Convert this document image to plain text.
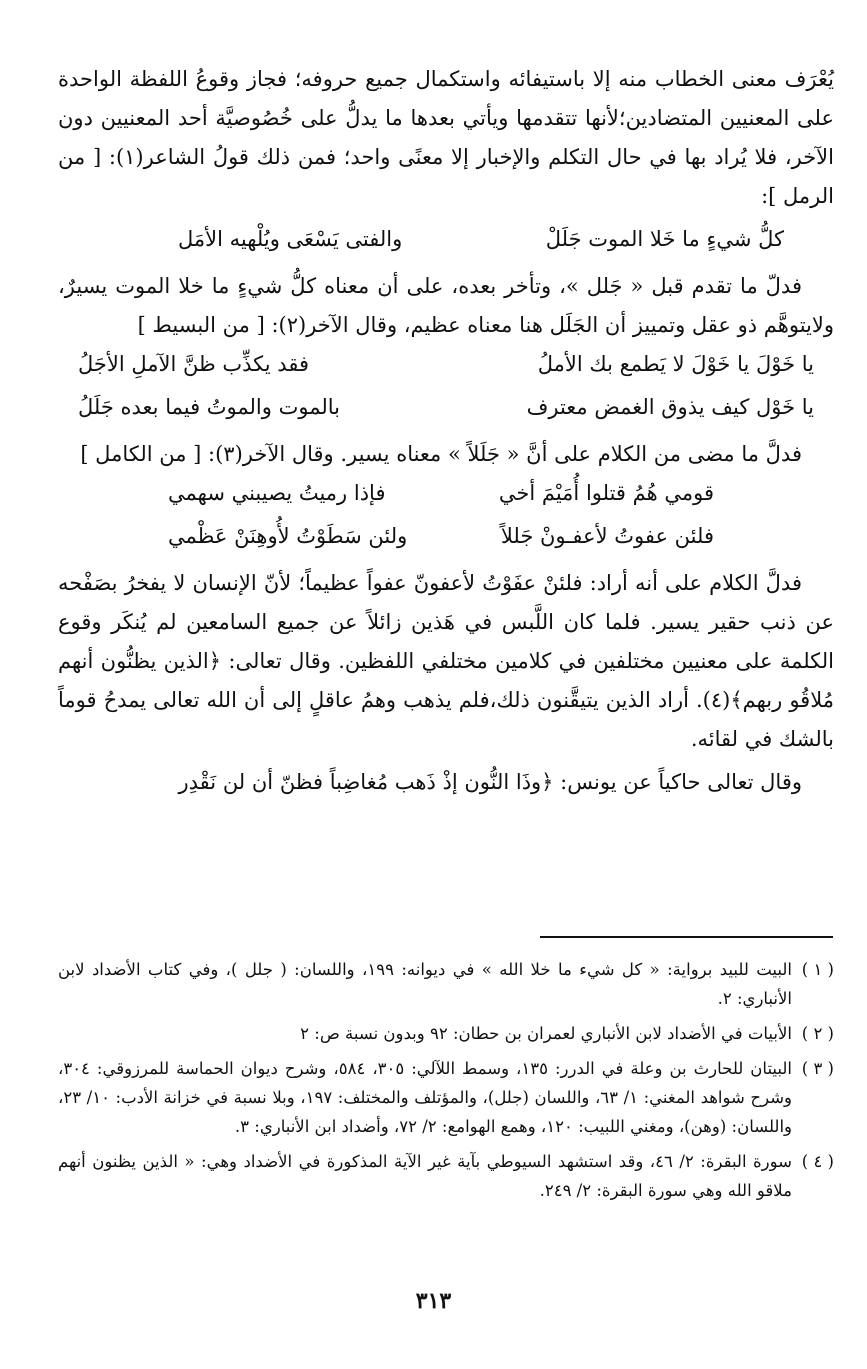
يُعْرَف معنى الخطاب منه إلا باستيفائه واستكمال جميع حروفه؛ فجاز وقوعُ اللفظة الواحدة على المعنيين المتضادين؛لأنها تتقدمها ويأتي بعدها ما يدلُّ على خُصُوصيَّة أحد المعنيين دون الآخر، فلا يُراد بها في حال التكلم والإخبار إلا معنًى واحد؛ فمن ذلك قولُ الشاعر(١): [ من الرمل ]:

كلُّ شيءٍ ما خَلا الموت جَلَلْ
والفتى يَسْعَى ويُلْهيه الأمَل

فدلّ ما تقدم قبل « جَلل »، وتأخر بعده، على أن معناه كلُّ شيءٍ ما خلا الموت يسيرٌ، ولايتوهَّم ذو عقل وتمييز أن الجَلَل هنا معناه عظيم، وقال الآخر(٢): [ من البسيط ]

يا خَوْلَ يا خَوْلَ لا يَطمع بك الأملُ
فقد يكذِّب ظنَّ الآملِ الأجَلُ
يا خَوْل كيف يذوق الغمض معترف
بالموت والموتُ فيما بعده جَلَلُ

فدلَّ ما مضى من الكلام على أنَّ « جَلَلاً » معناه يسير. وقال الآخر(٣): [ من الكامل ]

قومي هُمُ قتلوا أُمَيْمَ أخي
فإذا رميتُ يصيبني سهمي
فلئن عفوتُ لأعفـونْ جَللاً
ولئن سَطَوْتُ لأُوهِنَنْ عَظْمي

فدلَّ الكلام على أنه أراد: فلئنْ عفَوْتُ لأعفونّ عفواً عظيماً؛ لأنّ الإنسان لا يفخرُ بصَفْحه عن ذنب حقير يسير. فلما كان اللَّبس في هَذين زائلاً عن جميع السامعين لم يُنكَر وقوع الكلمة على معنيين مختلفين في كلامين مختلفي اللفظين. وقال تعالى: ﴿الذين يظنُّون أنهم مُلاقُو ربهم﴾(٤). أراد الذين يتيقَّنون ذلك،فلم يذهب وهمُ عاقلٍ إلى أن الله تعالى يمدحُ قوماً بالشك في لقائه.

وقال تعالى حاكياً عن يونس: ﴿وذَا النُّون إذْ ذَهب مُغاضِباً فظنّ أن لن نَقْدِر

( ١ )
البيت للبيد برواية: « كل شيء ما خلا الله » في ديوانه: ١٩٩، واللسان: ( جلل )، وفي كتاب الأضداد لابن الأنباري: ٢.
( ٢ )
الأبيات في الأضداد لابن الأنباري لعمران بن حطان: ٩٢ وبدون نسبة ص: ٢
( ٣ )
البيتان للحارث بن وعلة في الدرر: ١٣٥، وسمط اللآلي: ٣٠٥، ٥٨٤، وشرح ديوان الحماسة للمرزوقي: ٣٠٤، وشرح شواهد المغني: ١/ ٦٣، واللسان (جلل)، والمؤتلف والمختلف: ١٩٧، وبلا نسبة في خزانة الأدب: ١٠/ ٢٣، واللسان: (وهن)، ومغني اللبيب: ١٢٠، وهمع الهوامع: ٢/ ٧٢، وأضداد ابن الأنباري: ٣.
( ٤ )
سورة البقرة: ٢/ ٤٦، وقد استشهد السيوطي بآية غير الآية المذكورة في الأضداد وهي: « الذين يظنون أنهم ملاقو الله وهي سورة البقرة: ٢/ ٢٤٩.
٣١٣
